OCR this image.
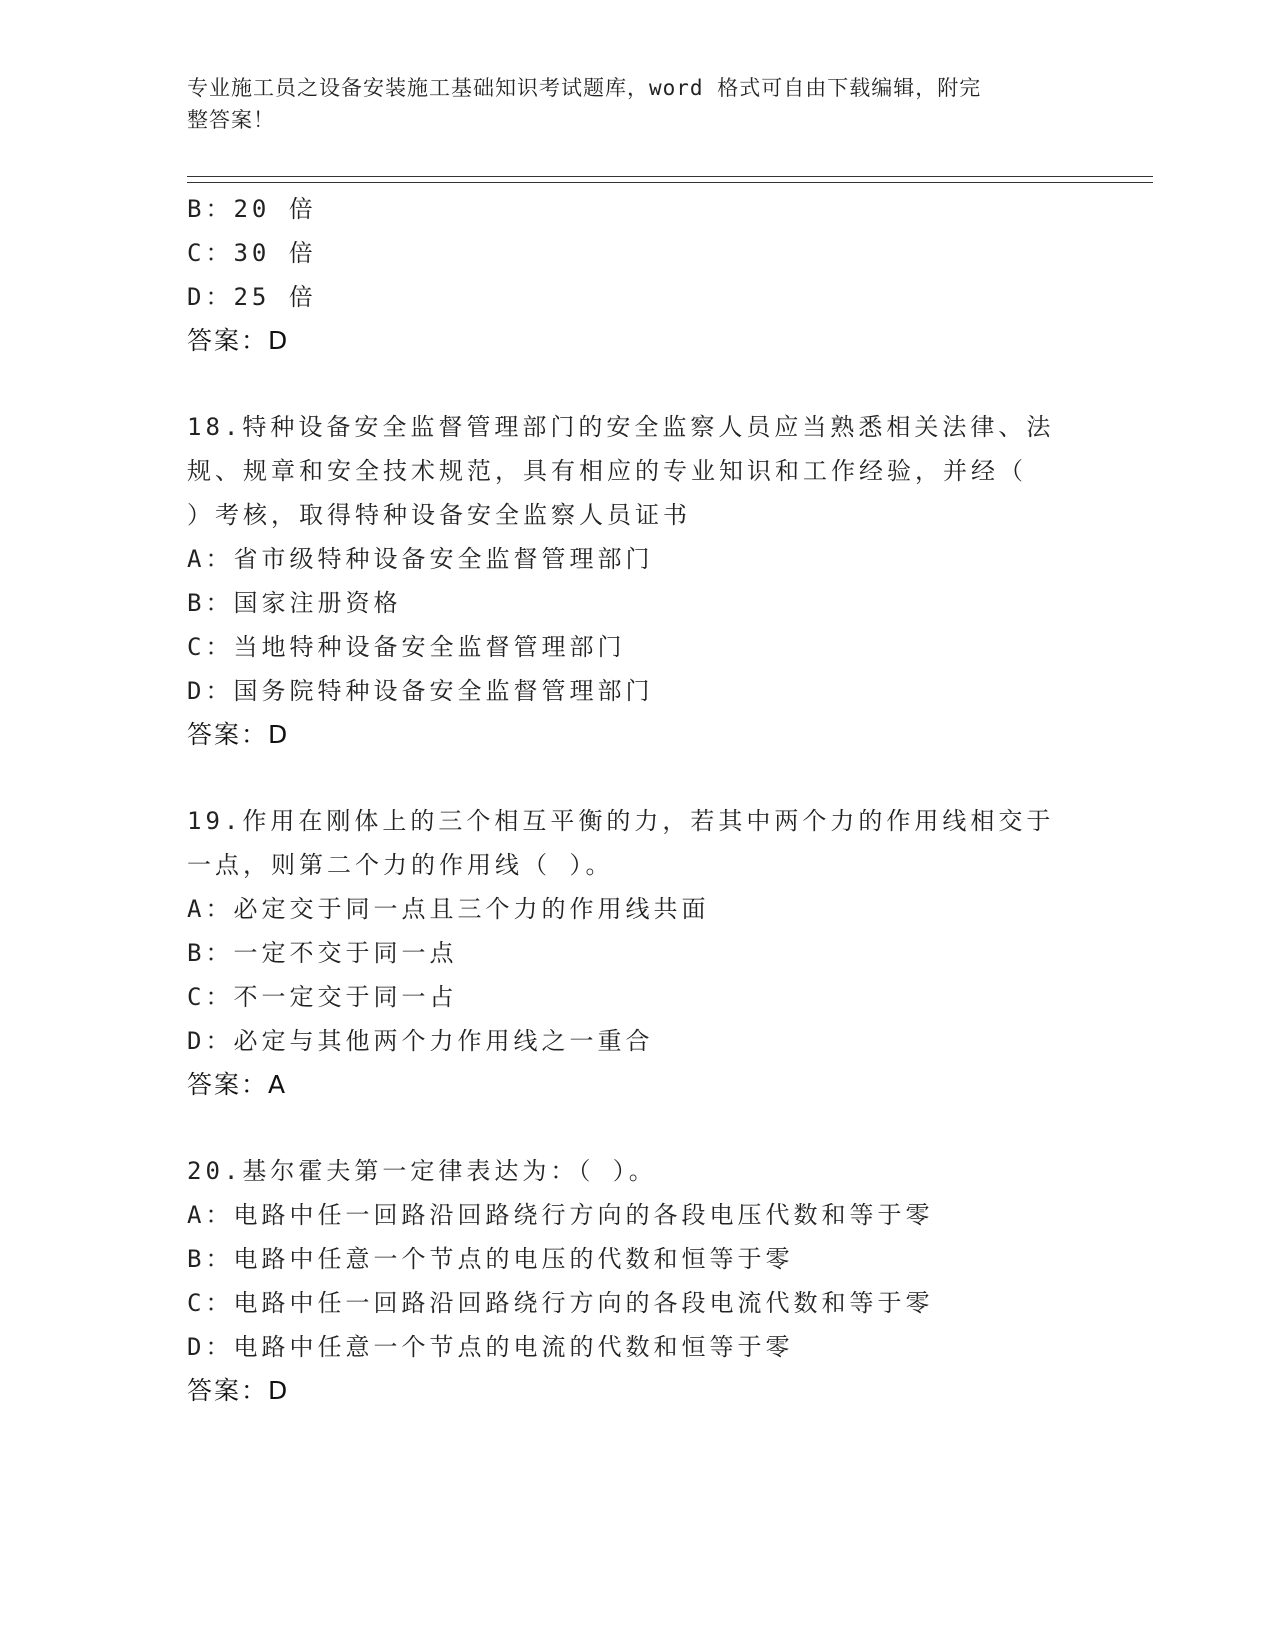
专业施工员之设备安装施工基础知识考试题库，word 格式可自由下载编辑，附完
整答案！
B：20 倍
C：30 倍
D：25 倍
答案：D
18.特种设备安全监督管理部门的安全监察人员应当熟悉相关法律、法
规、规章和安全技术规范，具有相应的专业知识和工作经验，并经（
）考核，取得特种设备安全监察人员证书
A：省市级特种设备安全监督管理部门
B：国家注册资格
C：当地特种设备安全监督管理部门
D：国务院特种设备安全监督管理部门
答案：D
19.作用在刚体上的三个相互平衡的力，若其中两个力的作用线相交于
一点，则第二个力的作用线（ ）。
A：必定交于同一点且三个力的作用线共面
B：一定不交于同一点
C：不一定交于同一占
D：必定与其他两个力作用线之一重合
答案：A
20.基尔霍夫第一定律表达为：（ ）。
A：电路中任一回路沿回路绕行方向的各段电压代数和等于零
B：电路中任意一个节点的电压的代数和恒等于零
C：电路中任一回路沿回路绕行方向的各段电流代数和等于零
D：电路中任意一个节点的电流的代数和恒等于零
答案：D
